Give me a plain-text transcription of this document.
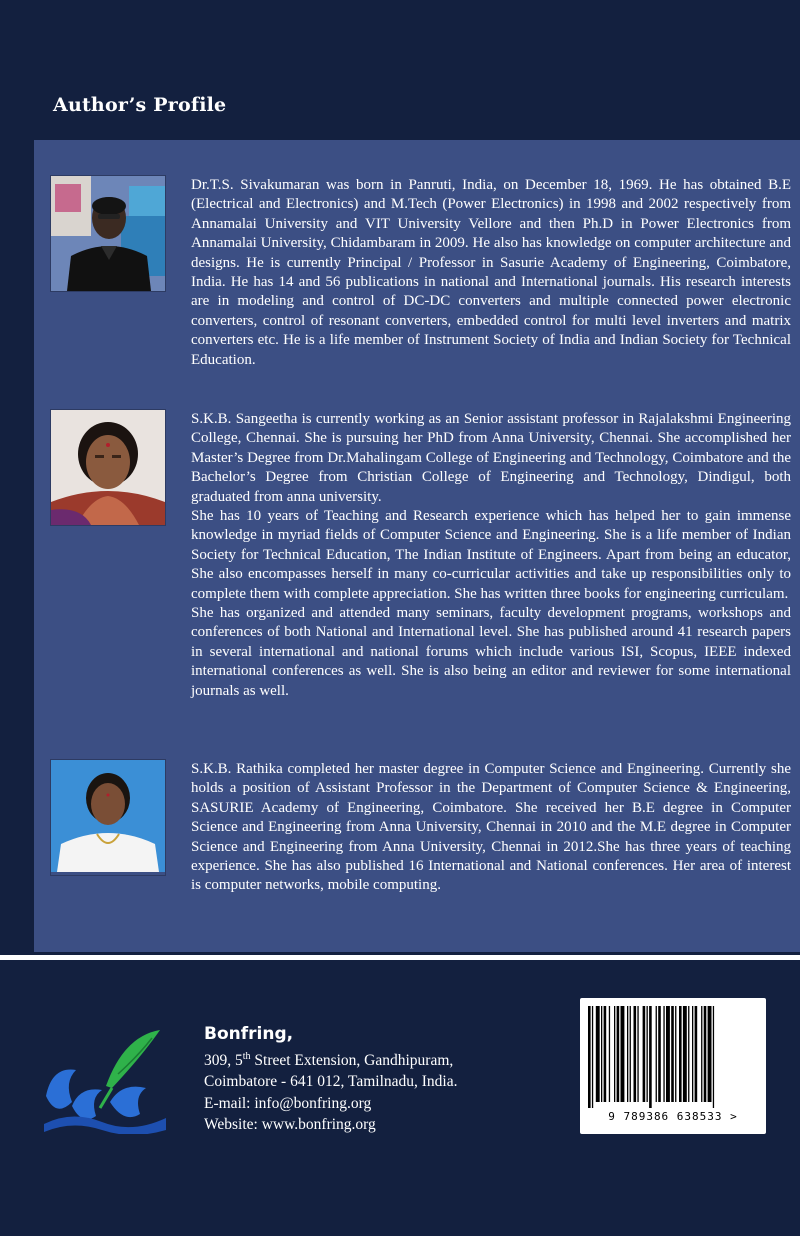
Author’s Profile

Dr.T.S. Sivakumaran was born in Panruti, India, on December 18, 1969. He has obtained B.E (Electrical and Electronics) and M.Tech (Power Electronics) in 1998 and 2002 respectively from Annamalai University and VIT University Vellore and then Ph.D in Power Electronics from Annamalai University, Chidambaram in 2009. He also has knowledge on computer architecture and designs. He is currently Principal / Professor in Sasurie Academy of Engineering, Coimbatore, India. He has 14 and 56 publications in national and International journals. His research interests are in modeling and control of DC-DC converters and multiple connected power electronic converters, control of resonant converters, embedded control for multi level inverters and matrix converters etc. He is a life member of Instrument Society of India and Indian Society for Technical Education.

S.K.B. Sangeetha is currently working as an Senior assistant professor in Rajalakshmi Engineering College, Chennai. She is pursuing her PhD from Anna University, Chennai. She accomplished her Master’s Degree from Dr.Mahalingam College of Engineering and Technology, Coimbatore and the Bachelor’s Degree from Christian College of Engineering and Technology, Dindigul, both graduated from anna university.

She has 10 years of Teaching and Research experience which has helped her to gain immense knowledge in myriad fields of Computer Science and Engineering. She is a life member of Indian Society for Technical Education, The Indian Institute of Engineers. Apart from being an educator, She also encompasses herself in many co-curricular activities and take up responsibilities only to complete them with complete appreciation. She has written three books for engineering curriculam.

She has organized and attended many seminars, faculty development programs, workshops and conferences of both National and International level. She has published around 41 research papers in several international and national forums which include various ISI, Scopus, IEEE indexed international conferences as well. She is also being an editor and reviewer for some international journals as well.

S.K.B. Rathika completed her master degree in Computer Science and Engineering. Currently she holds a position of Assistant Professor in the Department of Computer Science & Engineering, SASURIE Academy of Engineering, Coimbatore. She received her B.E degree in Computer Science and Engineering from Anna University, Chennai in 2010 and the M.E degree in Computer Science and Engineering from Anna University, Chennai in 2012.She has three years of teaching experience. She has also published 16 International and National conferences. Her area of interest is computer networks, mobile computing.

Bonfring,
309, 5th Street Extension, Gandhipuram,
Coimbatore - 641 012, Tamilnadu, India.
E-mail: info@bonfring.org
Website: www.bonfring.org	9 789386 638533 >
